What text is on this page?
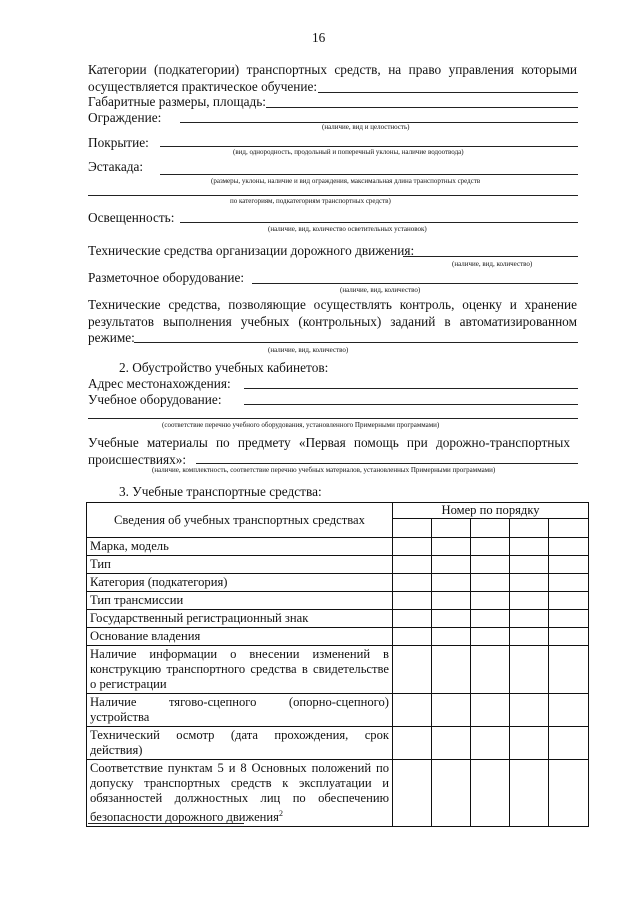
16
Категории (подкатегории) транспортных средств, на право управления которыми
осуществляется практическое обучение:
Габаритные размеры, площадь:
Ограждение:
(наличие, вид и целостность)
Покрытие:
(вид, однородность, продольный и поперечный уклоны, наличие водоотвода)
Эстакада:
(размеры, уклоны, наличие и вид ограждения, максимальная длина транспортных средств
по категориям, подкатегориям транспортных средств)
Освещенность:
(наличие, вид, количество осветительных установок)
Технические средства организации дорожного движения:
(наличие, вид, количество)
Разметочное оборудование:
(наличие, вид, количество)
Технические средства, позволяющие осуществлять контроль, оценку и хранение
результатов выполнения учебных (контрольных) заданий в автоматизированном
режиме:
(наличие, вид, количество)
2. Обустройство учебных кабинетов:
Адрес местонахождения:
Учебное оборудование:
(соответствие перечню учебного оборудования, установленного Примерными программами)
Учебные материалы по предмету «Первая помощь при дорожно-транспортных
происшествиях»:
(наличие, комплектность, соответствие перечню учебных материалов, установленных Примерными программами)
3. Учебные транспортные средства:
Сведения об учебных транспортных средствах	Номер по порядку				

Марка, модель					
Тип					
Категория (подкатегория)					
Тип трансмиссии					
Государственный регистрационный знак					
Основание владения					
Наличие информации о внесении изменений в конструкцию транспортного средства в свидетельстве о регистрации					
Наличие тягово-сцепного (опорно-сцепного) устройства					
Технический осмотр (дата прохождения, срок действия)					
Соответствие пунктам 5 и 8 Основных положений по допуску транспортных средств к эксплуатации и обязанностей должностных лиц по обеспечению безопасности дорожного движения$^2$					
